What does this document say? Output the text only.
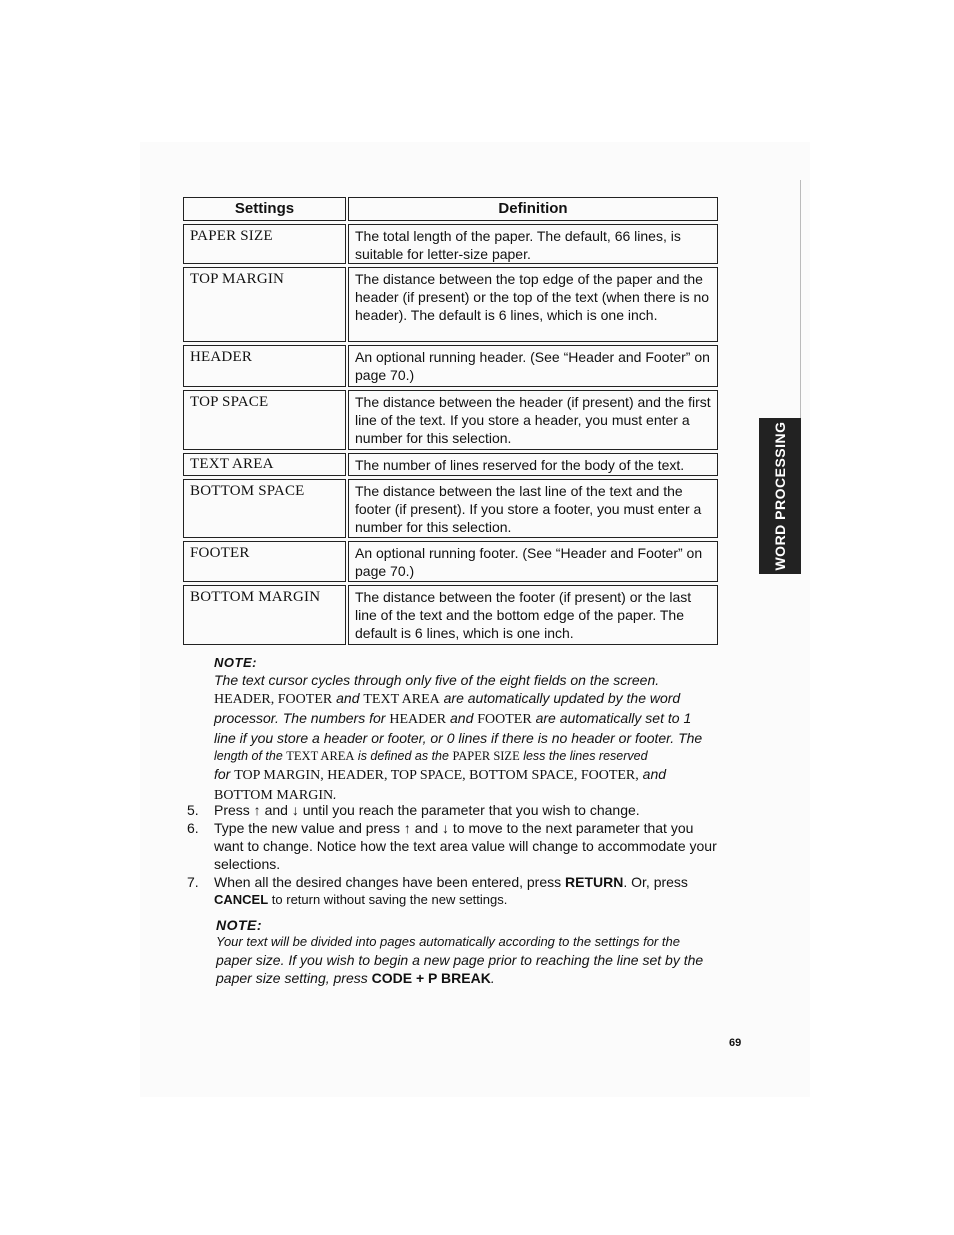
Settings	Definition
PAPER SIZE	The total length of the paper. The default, 66 lines, is suitable for letter-size paper.
TOP MARGIN	The distance between the top edge of the paper and the header (if present) or the top of the text (when there is no header). The default is 6 lines, which is one inch.
HEADER	An optional running header. (See “Header and Footer” on page 70.)
TOP SPACE	The distance between the header (if present) and the first line of the text. If you store a header, you must enter a number for this selection.
TEXT AREA	The number of lines reserved for the body of the text.
BOTTOM SPACE	The distance between the last line of the text and the footer (if present). If you store a footer, you must enter a number for this selection.
FOOTER	An optional running footer. (See “Header and Footer” on page 70.)
BOTTOM MARGIN	The distance between the footer (if present) or the last line of the text and the bottom edge of the paper. The default is 6 lines, which is one inch.
NOTE:
The text cursor cycles through only five of the eight fields on the screen.
HEADER, FOOTER and TEXT AREA are automatically updated by the word
processor. The numbers for HEADER and FOOTER are automatically set to 1
line if you store a header or footer, or 0 lines if there is no header or footer. The
length of the TEXT AREA is defined as the PAPER SIZE less the lines reserved
for TOP MARGIN, HEADER, TOP SPACE, BOTTOM SPACE, FOOTER, and
BOTTOM MARGIN.
5. Press ↑ and ↓ until you reach the parameter that you wish to change.
6. Type the new value and press ↑ and ↓ to move to the next parameter that you
want to change. Notice how the text area value will change to accommodate your
selections.
7. When all the desired changes have been entered, press RETURN. Or, press
CANCEL to return without saving the new settings.
NOTE:
Your text will be divided into pages automatically according to the settings for the
paper size. If you wish to begin a new page prior to reaching the line set by the
paper size setting, press CODE + P BREAK.
WORD PROCESSING
69
